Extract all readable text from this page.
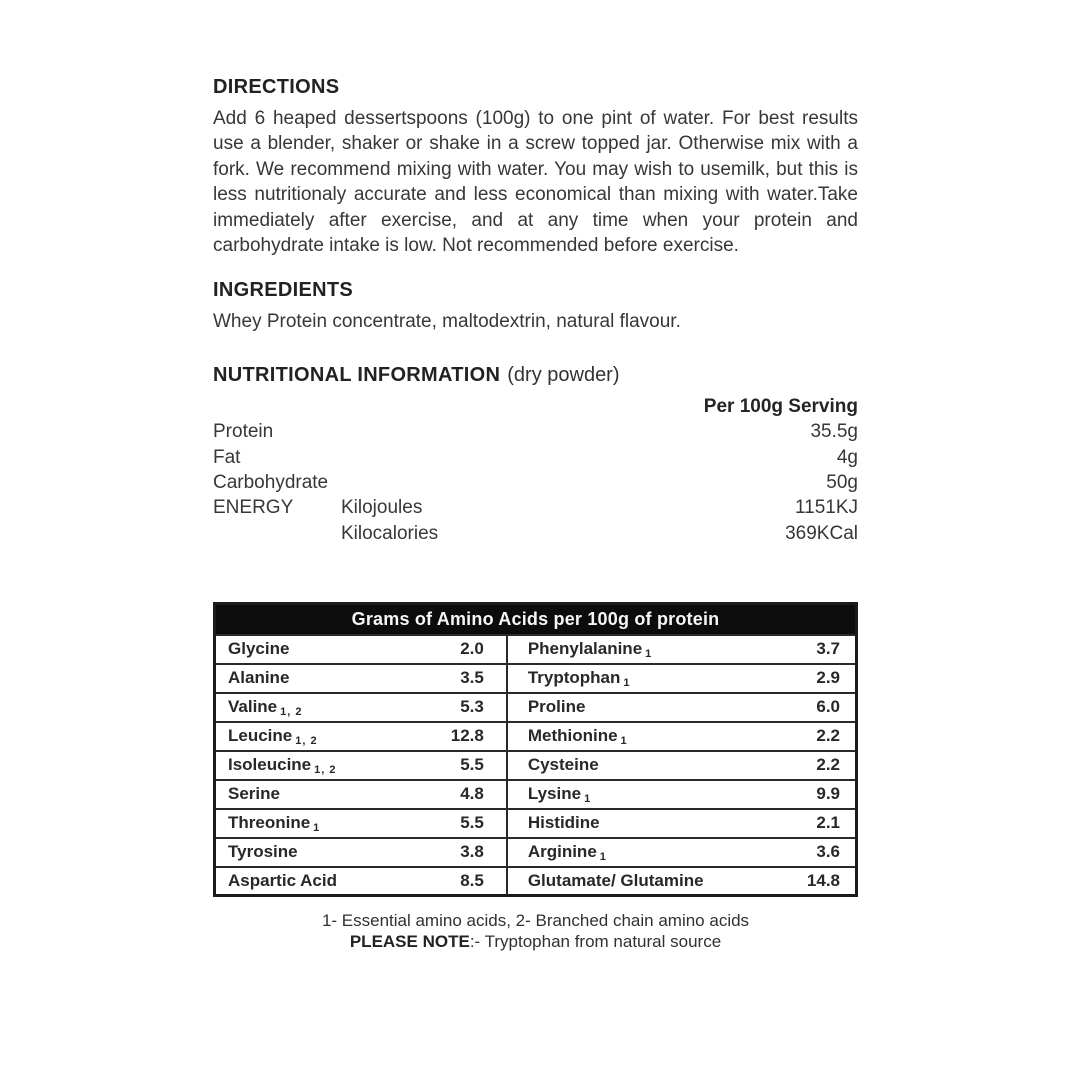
DIRECTIONS

Add 6 heaped dessertspoons (100g) to one pint of water. For best results use a blender, shaker or shake in a screw topped jar. Otherwise mix with a fork. We recommend mixing with water. You may wish to usemilk, but this is less nutritionaly accurate and less economical than mixing with water.Take immediately after exercise, and at any time when your protein and carbohydrate intake is low. Not recommended before exercise.

INGREDIENTS

Whey Protein concentrate, maltodextrin, natural flavour.

NUTRITIONAL INFORMATION (dry powder)
Per 100g Serving
Protein	35.5g
Fat	4g
Carbohydrate	50g
ENERGY	Kilojoules	1151KJ
Kilocalories	369KCal
Grams of Amino Acids per 100g of protein			
Glycine	2.0	Phenylalanine 1	3.7
Alanine	3.5	Tryptophan 1	2.9
Valine 1, 2	5.3	Proline	6.0
Leucine 1, 2	12.8	Methionine 1	2.2
Isoleucine 1, 2	5.5	Cysteine	2.2
Serine	4.8	Lysine 1	9.9
Threonine 1	5.5	Histidine	2.1
Tyrosine	3.8	Arginine 1	3.6
Aspartic Acid	8.5	Glutamate/ Glutamine	14.8
1- Essential amino acids, 2- Branched chain amino acids
PLEASE NOTE:- Tryptophan from natural source
